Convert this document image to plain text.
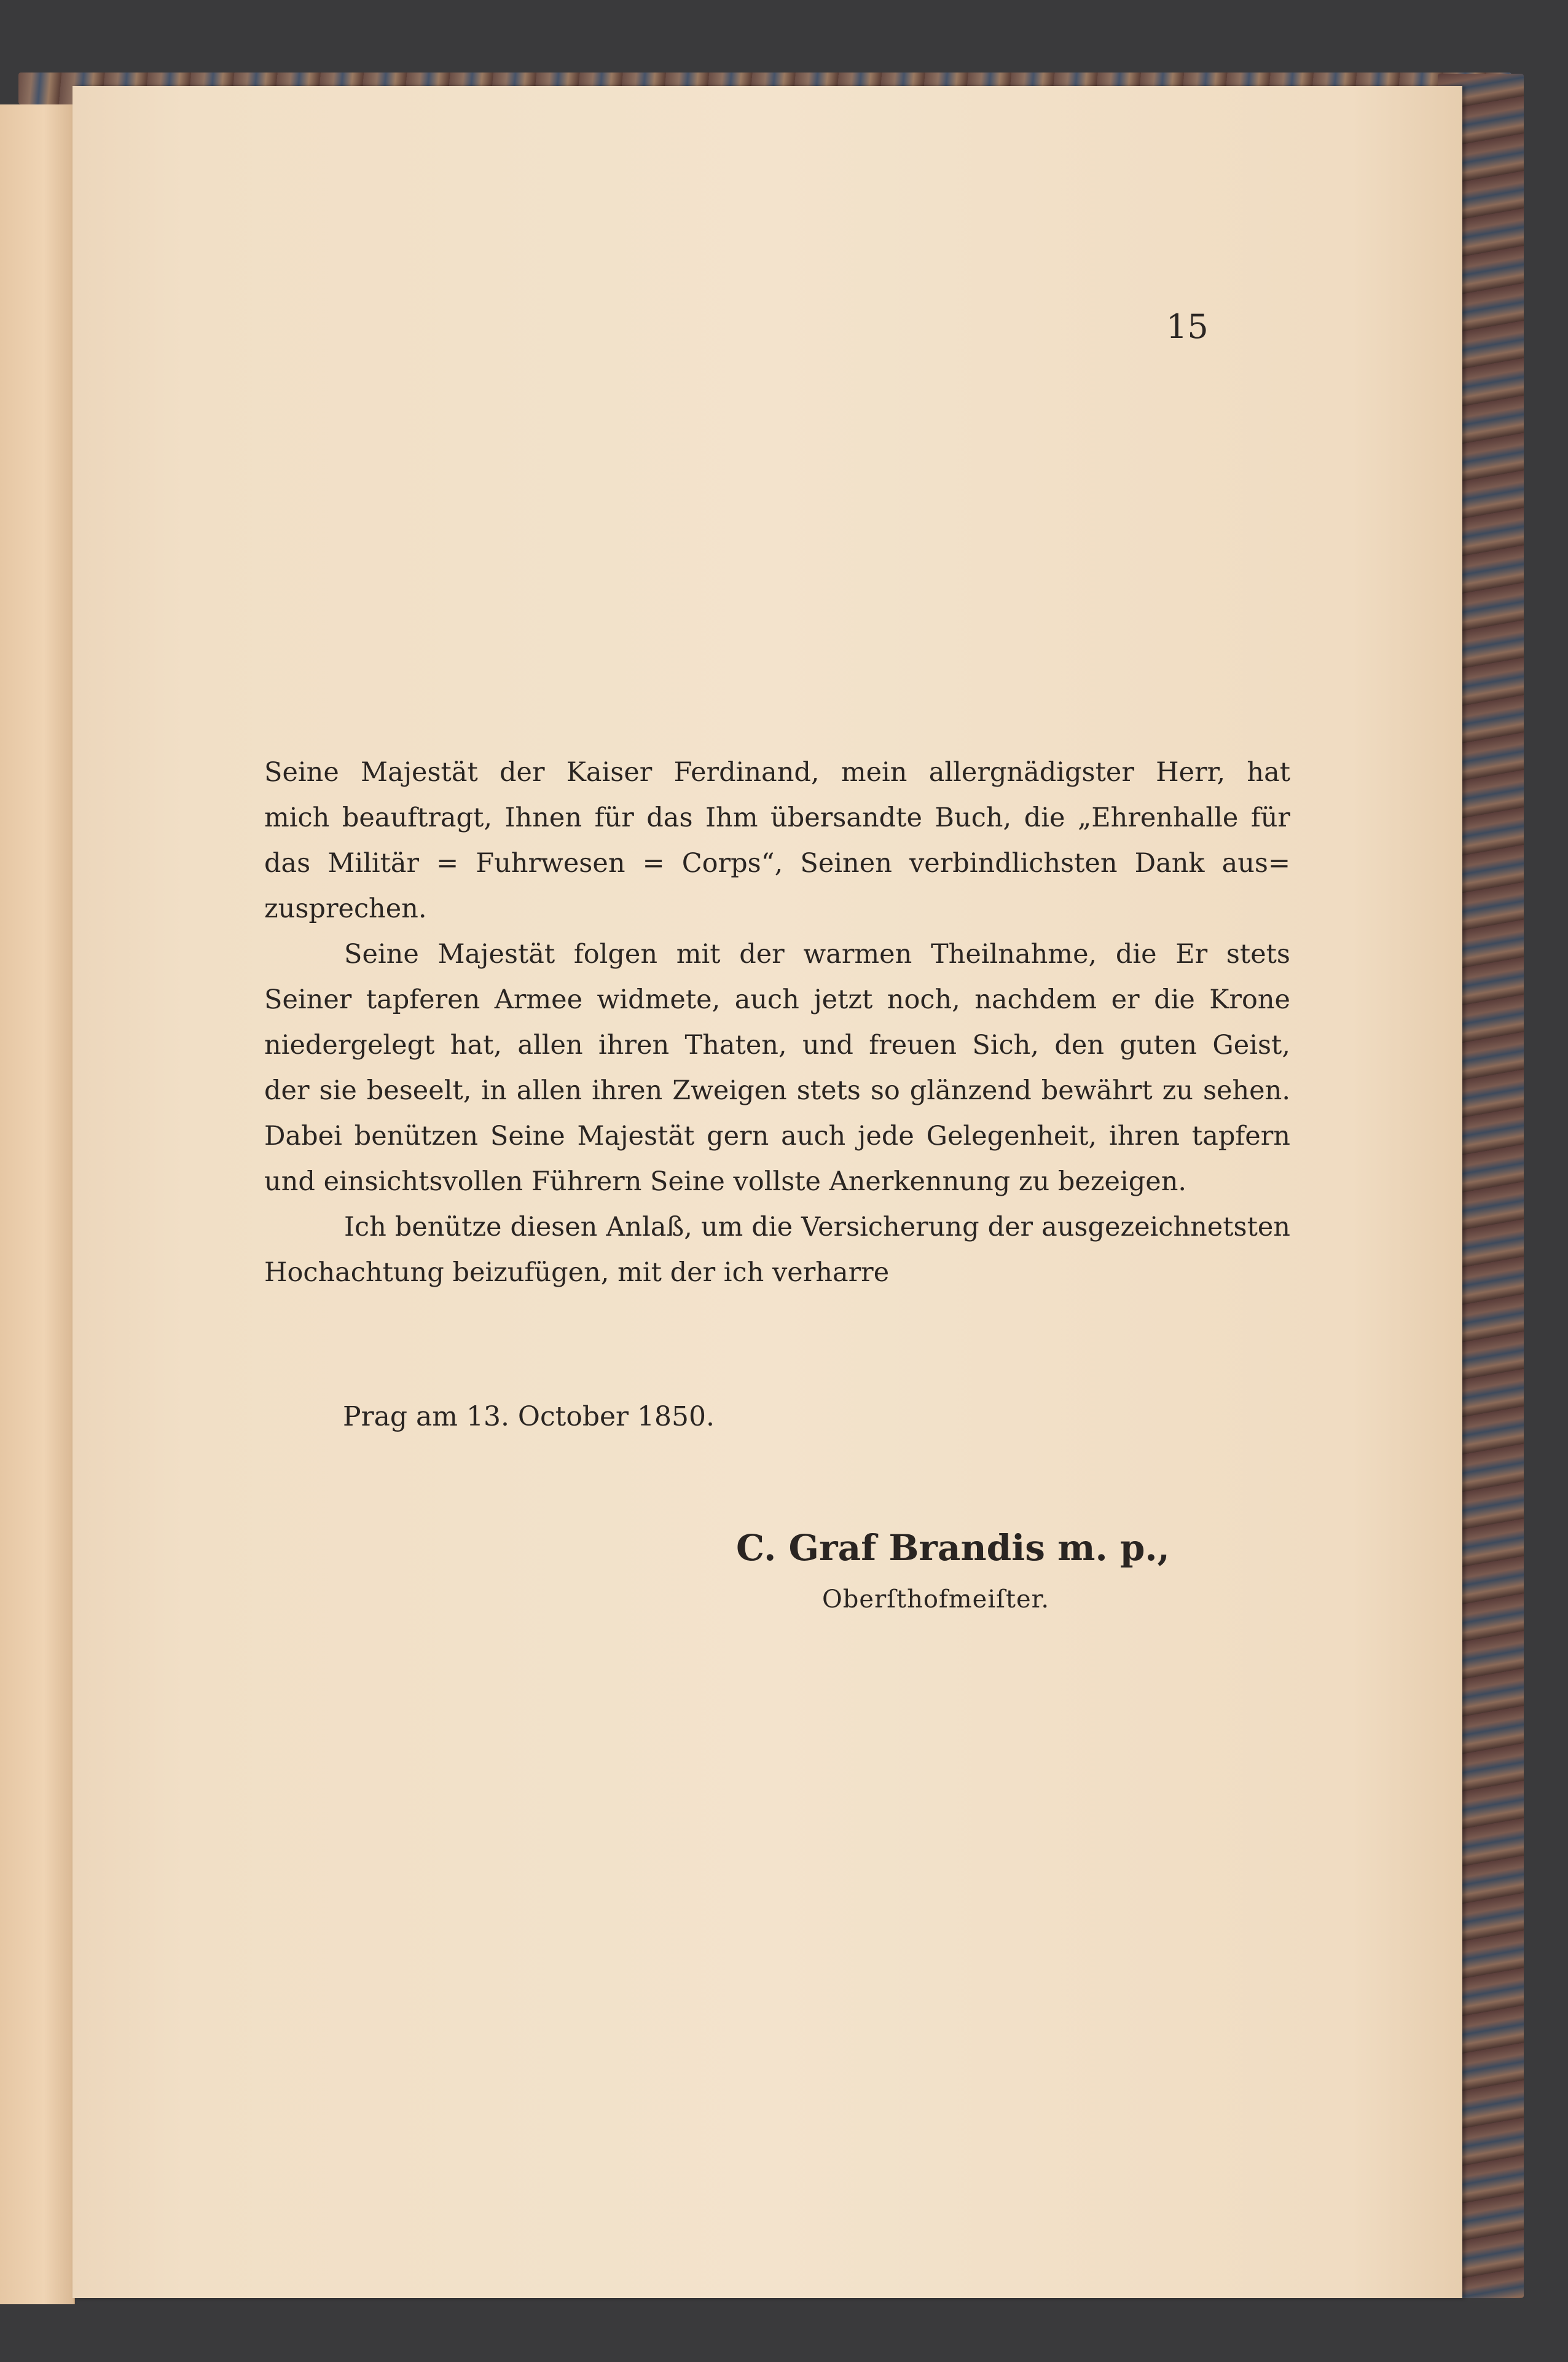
15
Seine Majestät der Kaiser Ferdinand, mein allergnädigster Herr, hat
mich beauftragt, Ihnen für das Ihm übersandte Buch, die „Ehrenhalle für
das Militär = Fuhrwesen = Corps“, Seinen verbindlichsten Dank aus=
zusprechen.
Seine Majestät folgen mit der warmen Theilnahme, die Er stets
Seiner tapferen Armee widmete, auch jetzt noch, nachdem er die Krone
niedergelegt hat, allen ihren Thaten, und freuen Sich, den guten Geist,
der sie beseelt, in allen ihren Zweigen stets so glänzend bewährt zu sehen.
Dabei benützen Seine Majestät gern auch jede Gelegenheit, ihren tapfern
und einsichtsvollen Führern Seine vollste Anerkennung zu bezeigen.
Ich benütze diesen Anlaß, um die Versicherung der ausgezeichnetsten
Hochachtung beizufügen, mit der ich verharre
Prag am 13. October 1850.
C. Graf Brandis m. p.,
Oberſthofmeiſter.
